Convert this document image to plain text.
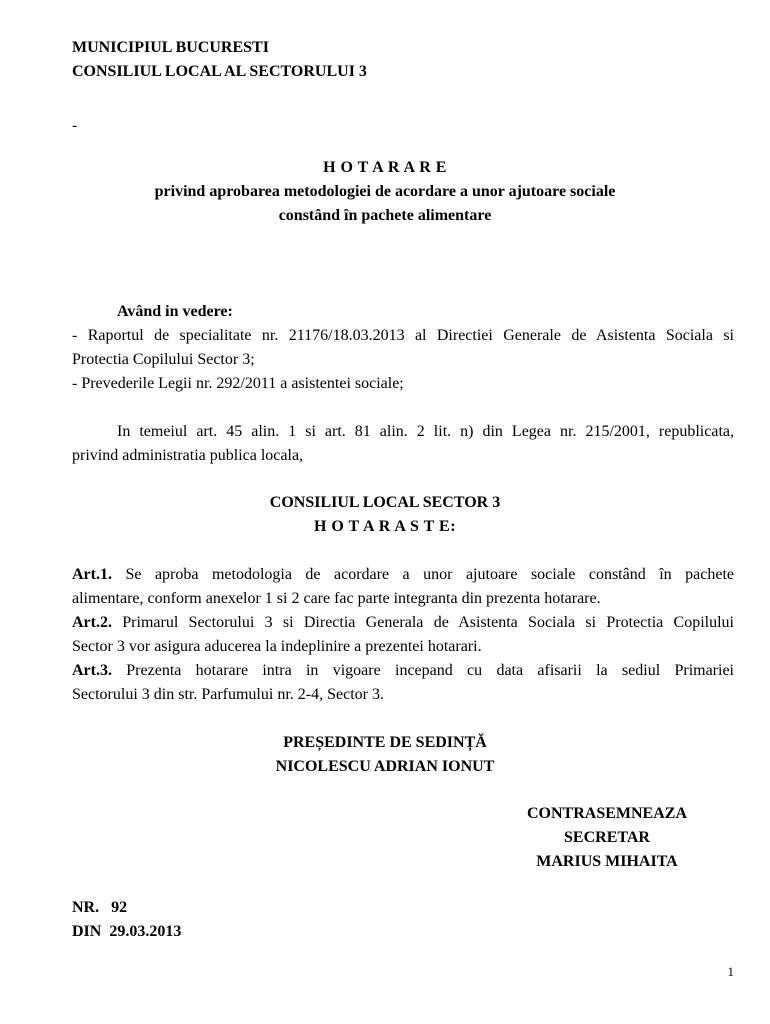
MUNICIPIUL BUCURESTI
CONSILIUL LOCAL AL SECTORULUI 3
-
H O T A R A R E
privind aprobarea metodologiei de acordare a unor ajutoare sociale
constând în pachete alimentare
Având in vedere:
- Raportul de specialitate nr. 21176/18.03.2013 al Directiei Generale de Asistenta Sociala si
Protectia Copilului Sector 3;
- Prevederile Legii nr. 292/2011 a asistentei sociale;
In temeiul art. 45 alin. 1 si art. 81 alin. 2 lit. n) din Legea nr. 215/2001, republicata,
privind administratia publica locala,
CONSILIUL LOCAL SECTOR 3
H O T A R A S T E:
Art.1. Se aproba metodologia de acordare a unor ajutoare sociale constând în pachete
alimentare, conform anexelor 1 si 2 care fac parte integranta din prezenta hotarare.
Art.2. Primarul Sectorului 3 si Directia Generala de Asistenta Sociala si Protectia Copilului
Sector 3 vor asigura aducerea la indeplinire a prezentei hotarari.
Art.3. Prezenta hotarare intra in vigoare incepand cu data afisarii la sediul Primariei
Sectorului 3 din str. Parfumului nr. 2-4, Sector 3.
PREȘEDINTE DE SEDINȚĂ
NICOLESCU ADRIAN IONUT
CONTRASEMNEAZA
SECRETAR
MARIUS MIHAITA
NR.   92
DIN  29.03.2013
1
